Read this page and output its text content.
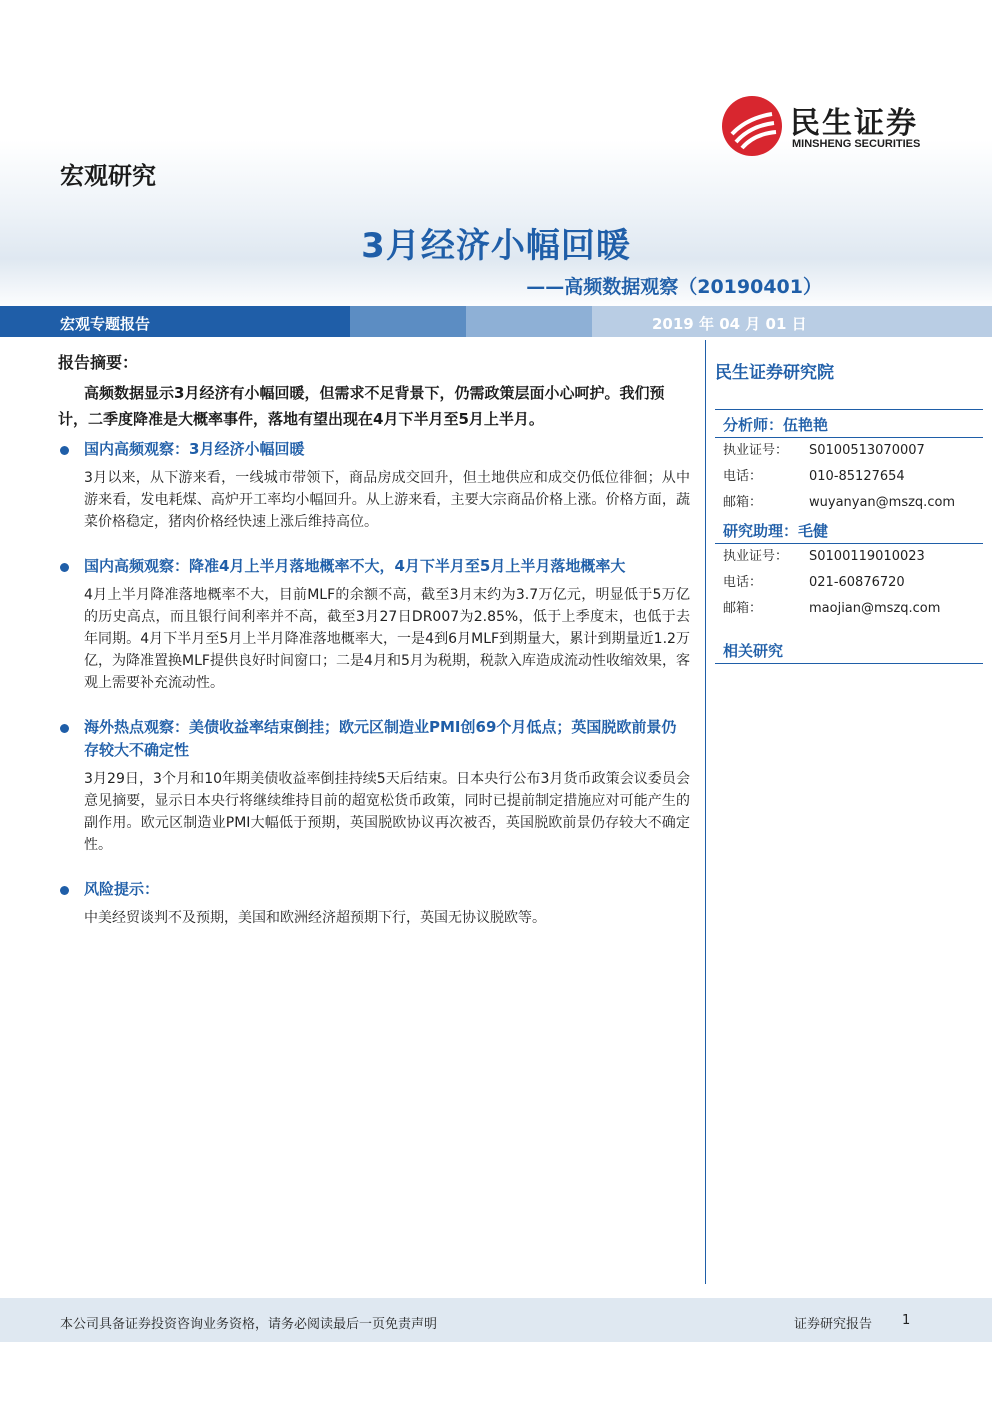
民生证券
MINSHENG SECURITIES
宏观研究
3月经济小幅回暖
——高频数据观察（20190401）
宏观专题报告	2019 年 04 月 01 日
报告摘要：

高频数据显示3月经济有小幅回暖，但需求不足背景下，仍需政策层面小心呵护。我们预计，二季度降准是大概率事件，落地有望出现在4月下半月至5月上半月。

国内高频观察：3月经济小幅回暖

3月以来，从下游来看，一线城市带领下，商品房成交回升，但土地供应和成交仍低位徘徊；从中游来看，发电耗煤、高炉开工率均小幅回升。从上游来看，主要大宗商品价格上涨。价格方面，蔬菜价格稳定，猪肉价格经快速上涨后维持高位。

国内高频观察：降准4月上半月落地概率不大，4月下半月至5月上半月落地概率大

4月上半月降准落地概率不大，目前MLF的余额不高，截至3月末约为3.7万亿元，明显低于5万亿的历史高点，而且银行间利率并不高，截至3月27日DR007为2.85%，低于上季度末，也低于去年同期。4月下半月至5月上半月降准落地概率大，一是4到6月MLF到期量大，累计到期量近1.2万亿，为降准置换MLF提供良好时间窗口；二是4月和5月为税期，税款入库造成流动性收缩效果，客观上需要补充流动性。

海外热点观察：美债收益率结束倒挂；欧元区制造业PMI创69个月低点；英国脱欧前景仍存较大不确定性

3月29日，3个月和10年期美债收益率倒挂持续5天后结束。日本央行公布3月货币政策会议委员会意见摘要，显示日本央行将继续维持目前的超宽松货币政策，同时已提前制定措施应对可能产生的副作用。欧元区制造业PMI大幅低于预期，英国脱欧协议再次被否，英国脱欧前景仍存较大不确定性。

风险提示：

中美经贸谈判不及预期，美国和欧洲经济超预期下行，英国无协议脱欧等。

民生证券研究院
分析师：伍艳艳
执业证号：	S0100513070007
电话：	010-85127654
邮箱：	wuyanyan@mszq.com
研究助理：毛健
执业证号：	S0100119010023
电话：	021-60876720
邮箱：	maojian@mszq.com
相关研究
本公司具备证券投资咨询业务资格，请务必阅读最后一页免责声明	证券研究报告 1
